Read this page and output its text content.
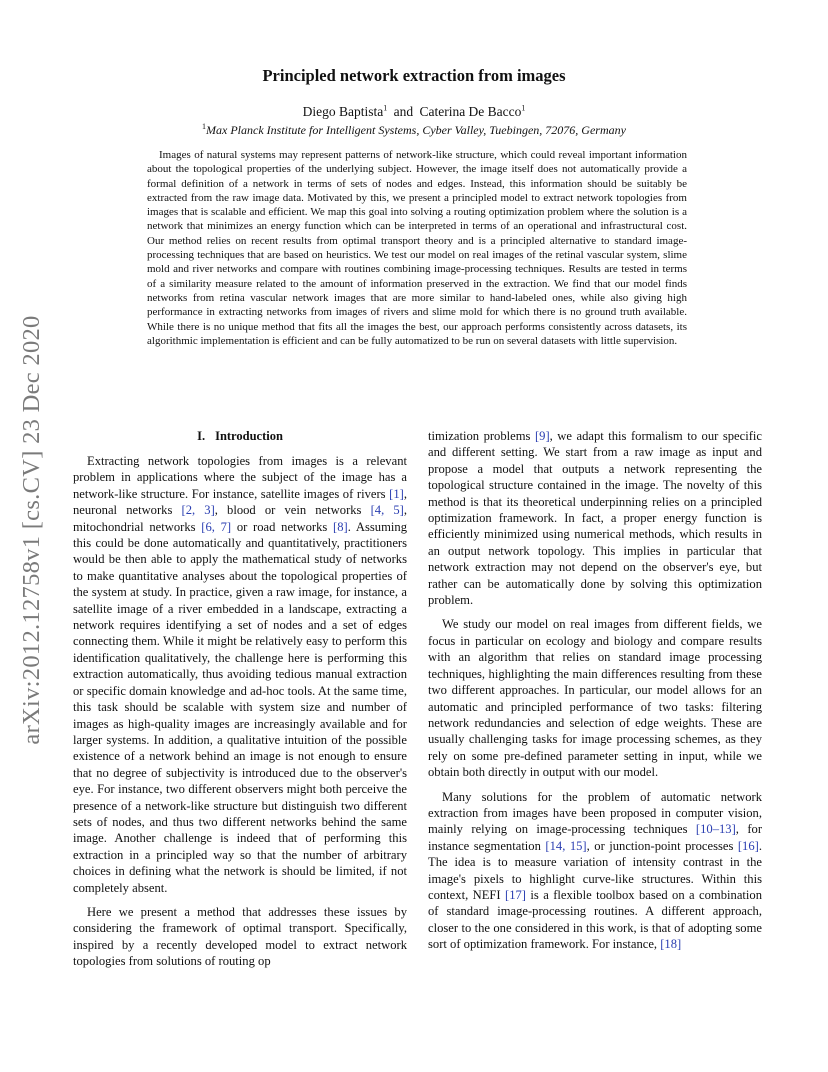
arXiv:2012.12758v1 [cs.CV] 23 Dec 2020
Principled network extraction from images
Diego Baptista$^1$ and Caterina De Bacco$^1$
$^1$Max Planck Institute for Intelligent Systems, Cyber Valley, Tuebingen, 72076, Germany

Images of natural systems may represent patterns of network-like structure, which could reveal important information about the topological properties of the underlying subject. However, the image itself does not automatically provide a formal definition of a network in terms of sets of nodes and edges. Instead, this information should be suitably be extracted from the raw image data. Motivated by this, we present a principled model to extract network topologies from images that is scalable and efficient. We map this goal into solving a routing optimization problem where the solution is a network that minimizes an energy function which can be interpreted in terms of an operational and infrastructural cost. Our method relies on recent results from optimal transport theory and is a principled alternative to standard image-processing techniques that are based on heuristics. We test our model on real images of the retinal vascular system, slime mold and river networks and compare with routines combining image-processing techniques. Results are tested in terms of a similarity measure related to the amount of information preserved in the extraction. We find that our model finds networks from retina vascular network images that are more similar to hand-labeled ones, while also giving high performance in extracting networks from images of rivers and slime mold for which there is no ground truth available. While there is no unique method that fits all the images the best, our approach performs consistently across datasets, its algorithmic implementation is efficient and can be fully automatized to be run on several datasets with little supervision.

I. Introduction

Extracting network topologies from images is a relevant problem in applications where the subject of the image has a network-like structure. For instance, satellite images of rivers [1], neuronal networks [2, 3], blood or vein networks [4, 5], mitochondrial networks [6, 7] or road networks [8]. Assuming this could be done automatically and quantitatively, practitioners would be then able to apply the mathematical study of networks to make quantitative analyses about the topological properties of the system at study. In practice, given a raw image, for instance, a satellite image of a river embedded in a landscape, extracting a network requires identifying a set of nodes and a set of edges connecting them. While it might be relatively easy to perform this identification qualitatively, the challenge here is performing this extraction automatically, thus avoiding tedious manual extraction or specific domain knowledge and ad-hoc tools. At the same time, this task should be scalable with system size and number of images as high-quality images are increasingly available and for larger systems. In addition, a qualitative intuition of the possible existence of a network behind an image is not enough to ensure that no degree of subjectivity is introduced due to the observer's eye. For instance, two different observers might both perceive the presence of a network-like structure but distinguish two different sets of nodes, and thus two different networks behind the same image. Another challenge is indeed that of performing this extraction in a principled way so that the number of arbitrary choices in defining what the network is should be limited, if not completely absent.

Here we present a method that addresses these issues by considering the framework of optimal transport. Specifically, inspired by a recently developed model to extract network topologies from solutions of routing op

timization problems [9], we adapt this formalism to our specific and different setting. We start from a raw image as input and propose a model that outputs a network representing the topological structure contained in the image. The novelty of this method is that its theoretical underpinning relies on a principled optimization framework. In fact, a proper energy function is efficiently minimized using numerical methods, which results in an output network topology. This implies in particular that network extraction may not depend on the observer's eye, but rather can be automatically done by solving this optimization problem.

We study our model on real images from different fields, we focus in particular on ecology and biology and compare results with an algorithm that relies on standard image processing techniques, highlighting the main differences resulting from these two different approaches. In particular, our model allows for an automatic and principled performance of two tasks: filtering network redundancies and selection of edge weights. These are usually challenging tasks for image processing schemes, as they rely on some pre-defined parameter setting in input, while we obtain both directly in output with our model.

Many solutions for the problem of automatic network extraction from images have been proposed in computer vision, mainly relying on image-processing techniques [10–13], for instance segmentation [14, 15], or junction-point processes [16]. The idea is to measure variation of intensity contrast in the image's pixels to highlight curve-like structures. Within this context, NEFI [17] is a flexible toolbox based on a combination of standard image-processing routines. A different approach, closer to the one considered in this work, is that of adopting some sort of optimization framework. For instance, [18]
